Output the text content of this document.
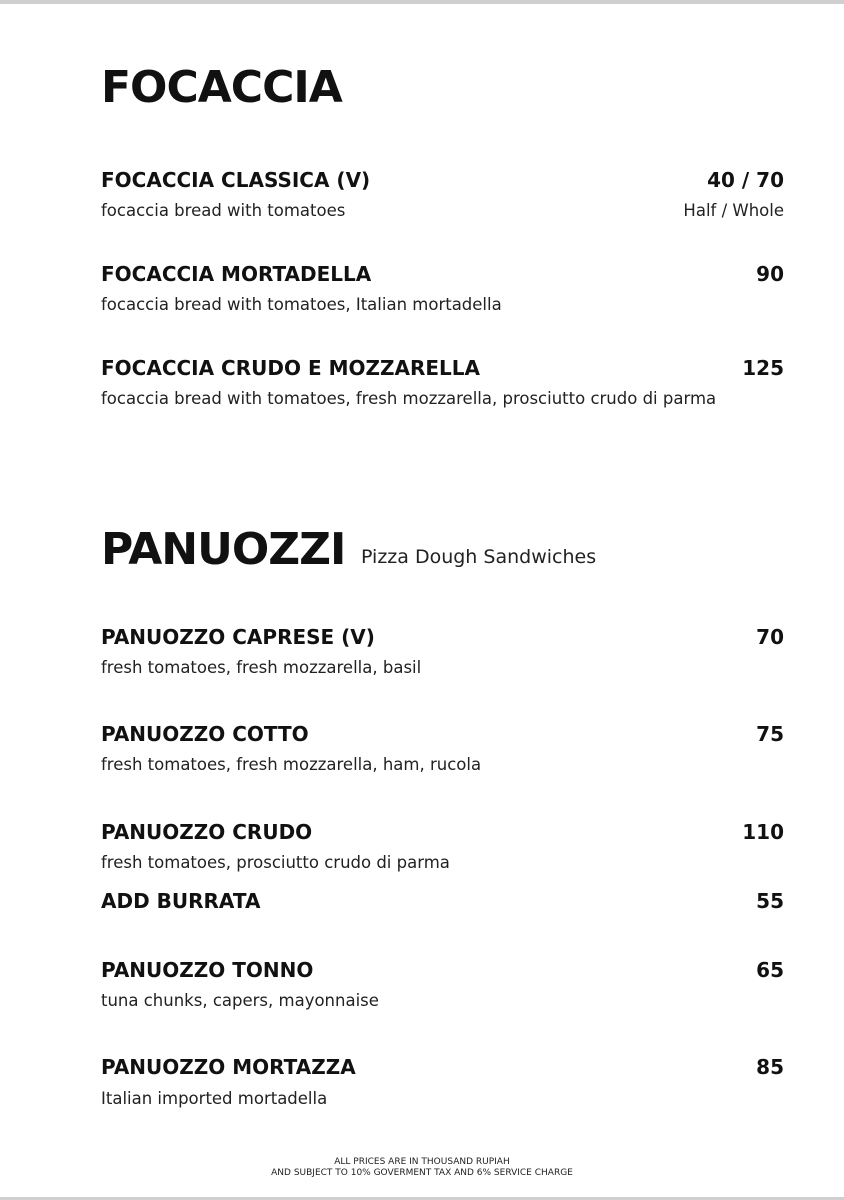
FOCACCIA
FOCACCIA CLASSICA (V)	40 / 70
focaccia bread with tomatoes	Half / Whole
FOCACCIA MORTADELLA	90
focaccia bread with tomatoes, Italian mortadella
FOCACCIA CRUDO E MOZZARELLA	125
focaccia bread with tomatoes, fresh mozzarella, prosciutto crudo di parma
PANUOZZI Pizza Dough Sandwiches
PANUOZZO CAPRESE (V)	70
fresh tomatoes, fresh mozzarella, basil
PANUOZZO COTTO	75
fresh tomatoes, fresh mozzarella, ham, rucola
PANUOZZO CRUDO	110
fresh tomatoes, prosciutto crudo di parma
ADD BURRATA	55
PANUOZZO TONNO	65
tuna chunks, capers, mayonnaise
PANUOZZO MORTAZZA	85
Italian imported mortadella
ALL PRICES ARE IN THOUSAND RUPIAH
AND SUBJECT TO 10% GOVERMENT TAX AND 6% SERVICE CHARGE
